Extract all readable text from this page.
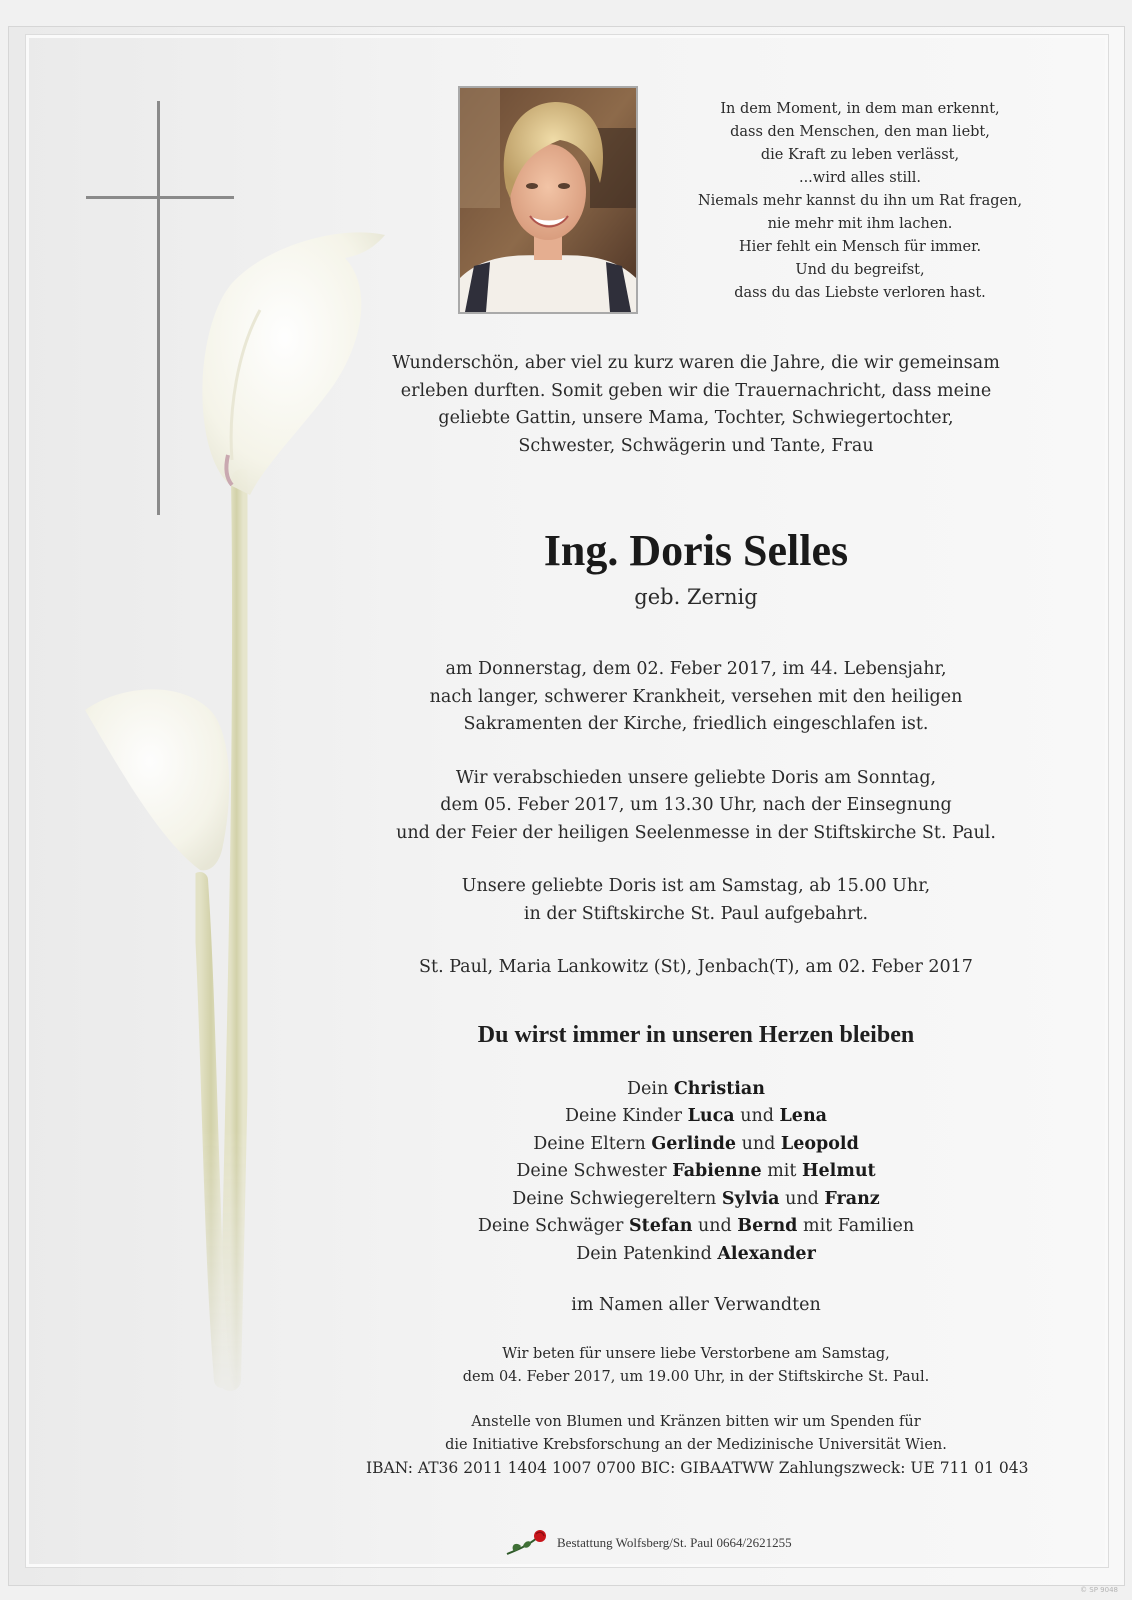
In dem Moment, in dem man erkennt,
dass den Menschen, den man liebt,
die Kraft zu leben verlässt,
...wird alles still.
Niemals mehr kannst du ihn um Rat fragen,
nie mehr mit ihm lachen.
Hier fehlt ein Mensch für immer.
Und du begreifst,
dass du das Liebste verloren hast.
Wunderschön, aber viel zu kurz waren die Jahre, die wir gemeinsam
erleben durften. Somit geben wir die Trauernachricht, dass meine
geliebte Gattin, unsere Mama, Tochter, Schwiegertochter,
Schwester, Schwägerin und Tante, Frau
Ing. Doris Selles
geb. Zernig
am Donnerstag, dem 02. Feber 2017, im 44. Lebensjahr,
nach langer, schwerer Krankheit, versehen mit den heiligen
Sakramenten der Kirche, friedlich eingeschlafen ist.
Wir verabschieden unsere geliebte Doris am Sonntag,
dem 05. Feber 2017, um 13.30 Uhr, nach der Einsegnung
und der Feier der heiligen Seelenmesse in der Stiftskirche St. Paul.
Unsere geliebte Doris ist am Samstag, ab 15.00 Uhr,
in der Stiftskirche St. Paul aufgebahrt.
St. Paul, Maria Lankowitz (St), Jenbach(T), am 02. Feber 2017
Du wirst immer in unseren Herzen bleiben
Dein Christian
Deine Kinder Luca und Lena
Deine Eltern Gerlinde und Leopold
Deine Schwester Fabienne mit Helmut
Deine Schwiegereltern Sylvia und Franz
Deine Schwäger Stefan und Bernd mit Familien
Dein Patenkind Alexander
im Namen aller Verwandten
Wir beten für unsere liebe Verstorbene am Samstag,
dem 04. Feber 2017, um 19.00 Uhr, in der Stiftskirche St. Paul.
Anstelle von Blumen und Kränzen bitten wir um Spenden für
die Initiative Krebsforschung an der Medizinische Universität Wien.
IBAN: AT36 2011 1404 1007 0700 BIC: GIBAATWW Zahlungszweck: UE 711 01 043
Bestattung Wolfsberg/St. Paul 0664/2621255
© SP 9048
